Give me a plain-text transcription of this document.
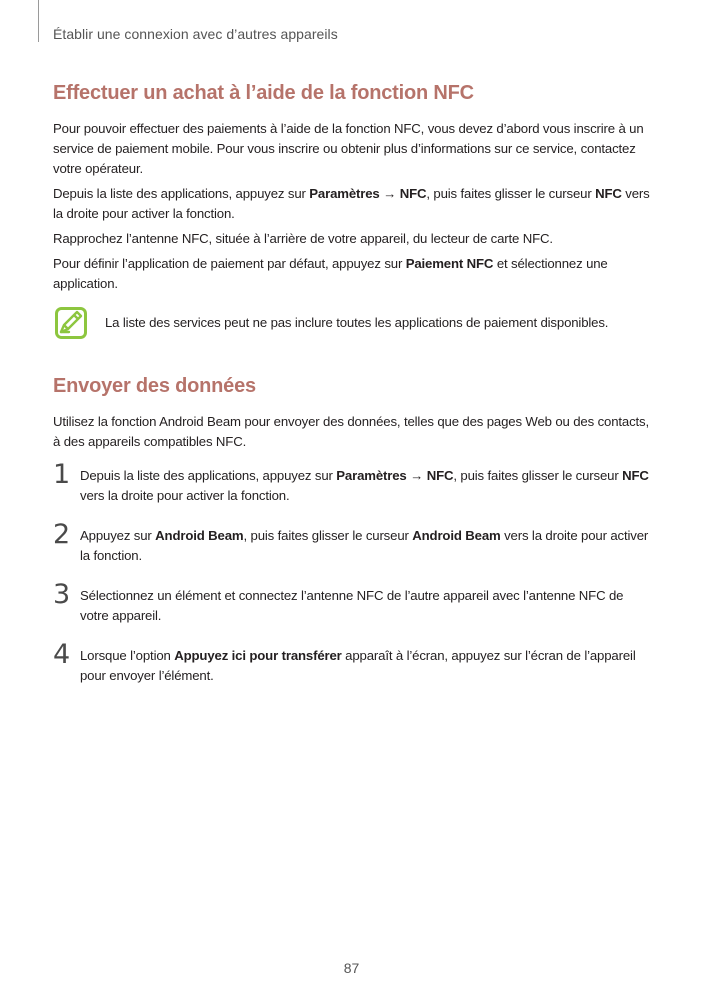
Établir une connexion avec d’autres appareils
Effectuer un achat à l’aide de la fonction NFC

Pour pouvoir effectuer des paiements à l’aide de la fonction NFC, vous devez d’abord vous inscrire à un service de paiement mobile. Pour vous inscrire ou obtenir plus d’informations sur ce service, contactez votre opérateur.

Depuis la liste des applications, appuyez sur Paramètres → NFC, puis faites glisser le curseur NFC vers la droite pour activer la fonction.

Rapprochez l’antenne NFC, située à l’arrière de votre appareil, du lecteur de carte NFC.

Pour définir l’application de paiement par défaut, appuyez sur Paiement NFC et sélectionnez une application.

La liste des services peut ne pas inclure toutes les applications de paiement disponibles.
Envoyer des données

Utilisez la fonction Android Beam pour envoyer des données, telles que des pages Web ou des contacts, à des appareils compatibles NFC.

1 Depuis la liste des applications, appuyez sur Paramètres → NFC, puis faites glisser le curseur NFC vers la droite pour activer la fonction.
2 Appuyez sur Android Beam, puis faites glisser le curseur Android Beam vers la droite pour activer la fonction.
3 Sélectionnez un élément et connectez l’antenne NFC de l’autre appareil avec l’antenne NFC de votre appareil.
4 Lorsque l’option Appuyez ici pour transférer apparaît à l’écran, appuyez sur l’écran de l’appareil pour envoyer l’élément.
87
